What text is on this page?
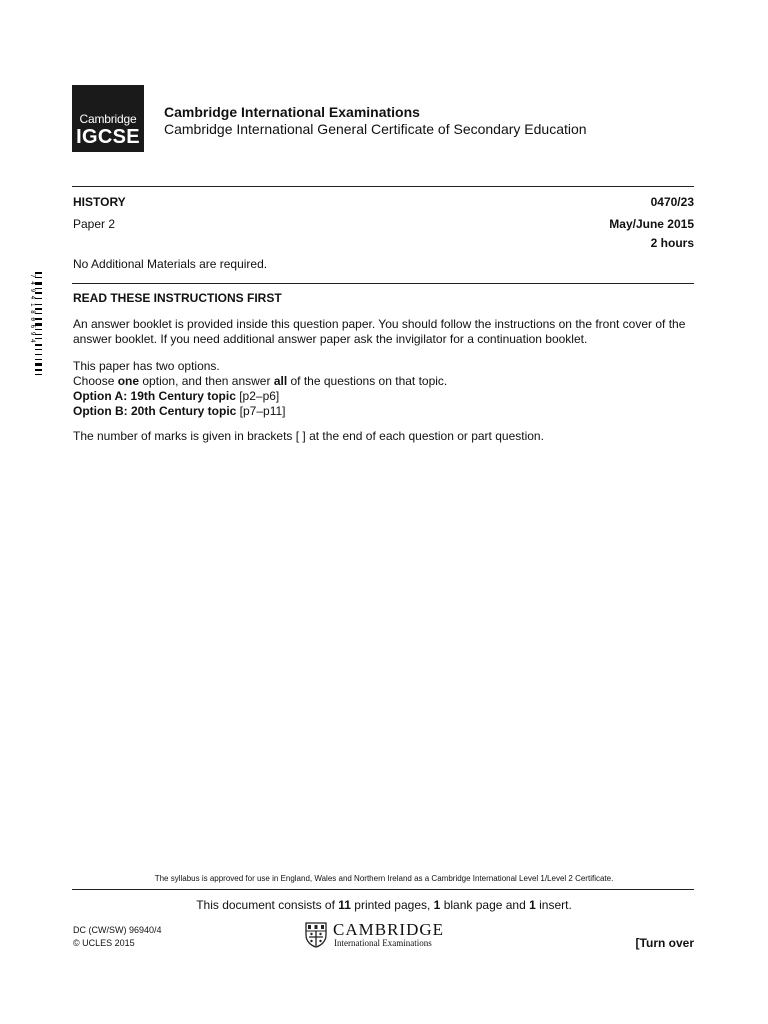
Cambridge
IGCSE
Cambridge International Examinations
Cambridge International General Certificate of Secondary Education
HISTORY	0470/23
Paper 2	May/June 2015
2 hours
No Additional Materials are required.
7 4 9 4 1 8 0 6 9 4	READ THESE INSTRUCTIONS FIRST
An answer booklet is provided inside this question paper. You should follow the instructions on the front cover of the answer booklet. If you need additional answer paper ask the invigilator for a continuation booklet.
This paper has two options.
Choose one option, and then answer all of the questions on that topic.
Option A: 19th Century topic [p2–p6]
Option B: 20th Century topic [p7–p11]
The number of marks is given in brackets [ ] at the end of each question or part question.
The syllabus is approved for use in England, Wales and Northern Ireland as a Cambridge International Level 1/Level 2 Certificate.
This document consists of 11 printed pages, 1 blank page and 1 insert.
DC (CW/SW) 96940/4
© UCLES 2015
CAMBRIDGE
International Examinations	[Turn over
